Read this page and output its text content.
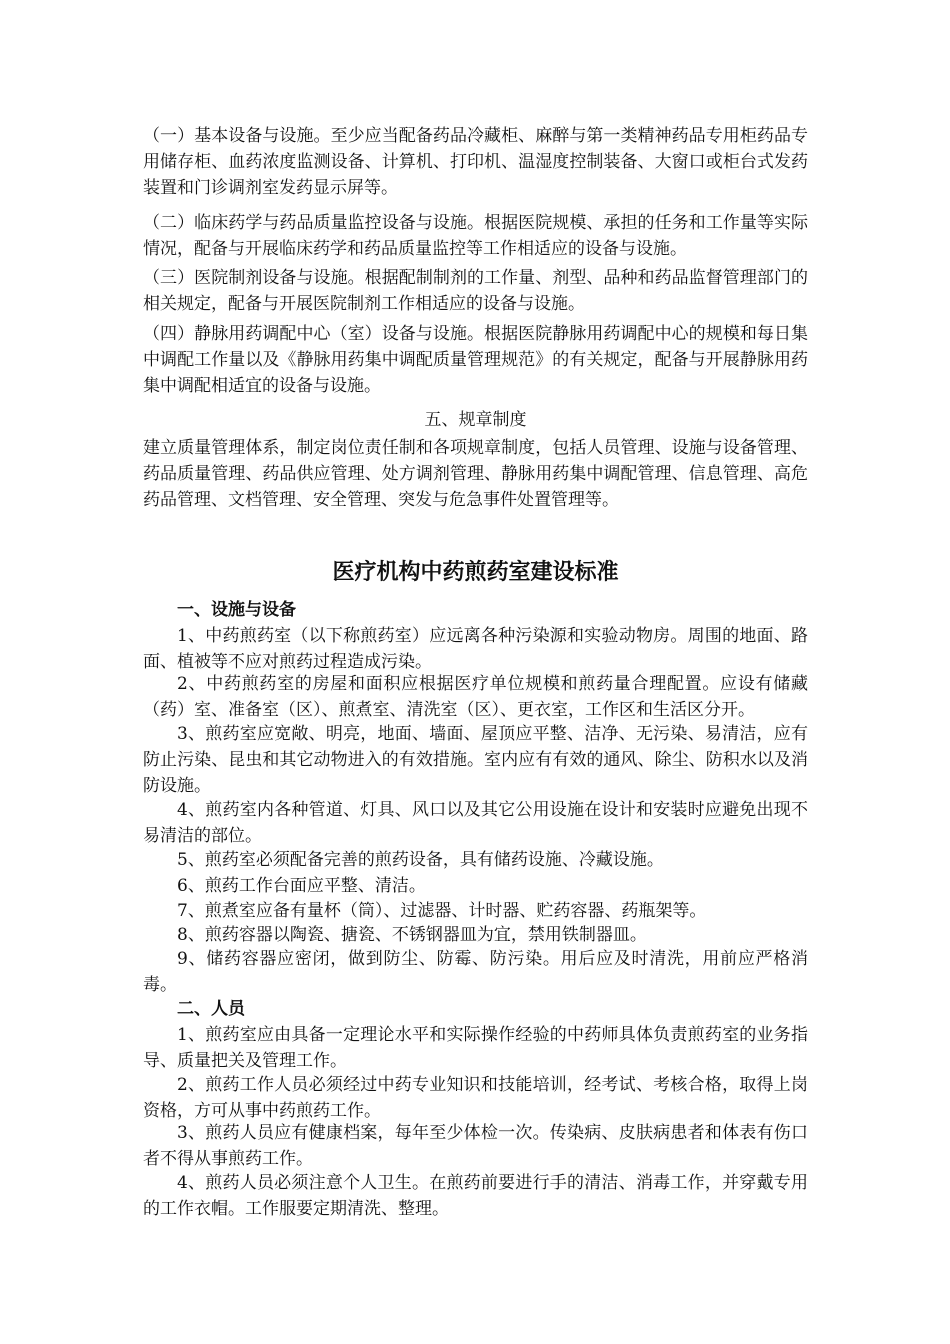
（一）基本设备与设施。至少应当配备药品冷藏柜、麻醉与第一类精神药品专用柜药品专用储存柜、血药浓度监测设备、计算机、打印机、温湿度控制装备、大窗口或柜台式发药装置和门诊调剂室发药显示屏等。

（二）临床药学与药品质量监控设备与设施。根据医院规模、承担的任务和工作量等实际情况，配备与开展临床药学和药品质量监控等工作相适应的设备与设施。

（三）医院制剂设备与设施。根据配制制剂的工作量、剂型、品种和药品监督管理部门的相关规定，配备与开展医院制剂工作相适应的设备与设施。

（四）静脉用药调配中心（室）设备与设施。根据医院静脉用药调配中心的规模和每日集中调配工作量以及《静脉用药集中调配质量管理规范》的有关规定，配备与开展静脉用药集中调配相适宜的设备与设施。

五、规章制度

建立质量管理体系，制定岗位责任制和各项规章制度，包括人员管理、设施与设备管理、药品质量管理、药品供应管理、处方调剂管理、静脉用药集中调配管理、信息管理、高危药品管理、文档管理、安全管理、突发与危急事件处置管理等。

医疗机构中药煎药室建设标准
一、设施与设备

1、中药煎药室（以下称煎药室）应远离各种污染源和实验动物房。周围的地面、路面、植被等不应对煎药过程造成污染。

2、中药煎药室的房屋和面积应根据医疗单位规模和煎药量合理配置。应设有储藏（药）室、准备室（区）、煎煮室、清洗室（区）、更衣室，工作区和生活区分开。

3、煎药室应宽敞、明亮，地面、墙面、屋顶应平整、洁净、无污染、易清洁，应有防止污染、昆虫和其它动物进入的有效措施。室内应有有效的通风、除尘、防积水以及消防设施。

4、煎药室内各种管道、灯具、风口以及其它公用设施在设计和安装时应避免出现不易清洁的部位。

5、煎药室必须配备完善的煎药设备，具有储药设施、冷藏设施。

6、煎药工作台面应平整、清洁。

7、煎煮室应备有量杯（筒）、过滤器、计时器、贮药容器、药瓶架等。

8、煎药容器以陶瓷、搪瓷、不锈钢器皿为宜，禁用铁制器皿。

9、储药容器应密闭，做到防尘、防霉、防污染。用后应及时清洗，用前应严格消毒。

二、人员

1、煎药室应由具备一定理论水平和实际操作经验的中药师具体负责煎药室的业务指导、质量把关及管理工作。

2、煎药工作人员必须经过中药专业知识和技能培训，经考试、考核合格，取得上岗资格，方可从事中药煎药工作。

3、煎药人员应有健康档案，每年至少体检一次。传染病、皮肤病患者和体表有伤口者不得从事煎药工作。

4、煎药人员必须注意个人卫生。在煎药前要进行手的清洁、消毒工作，并穿戴专用的工作衣帽。工作服要定期清洗、整理。
